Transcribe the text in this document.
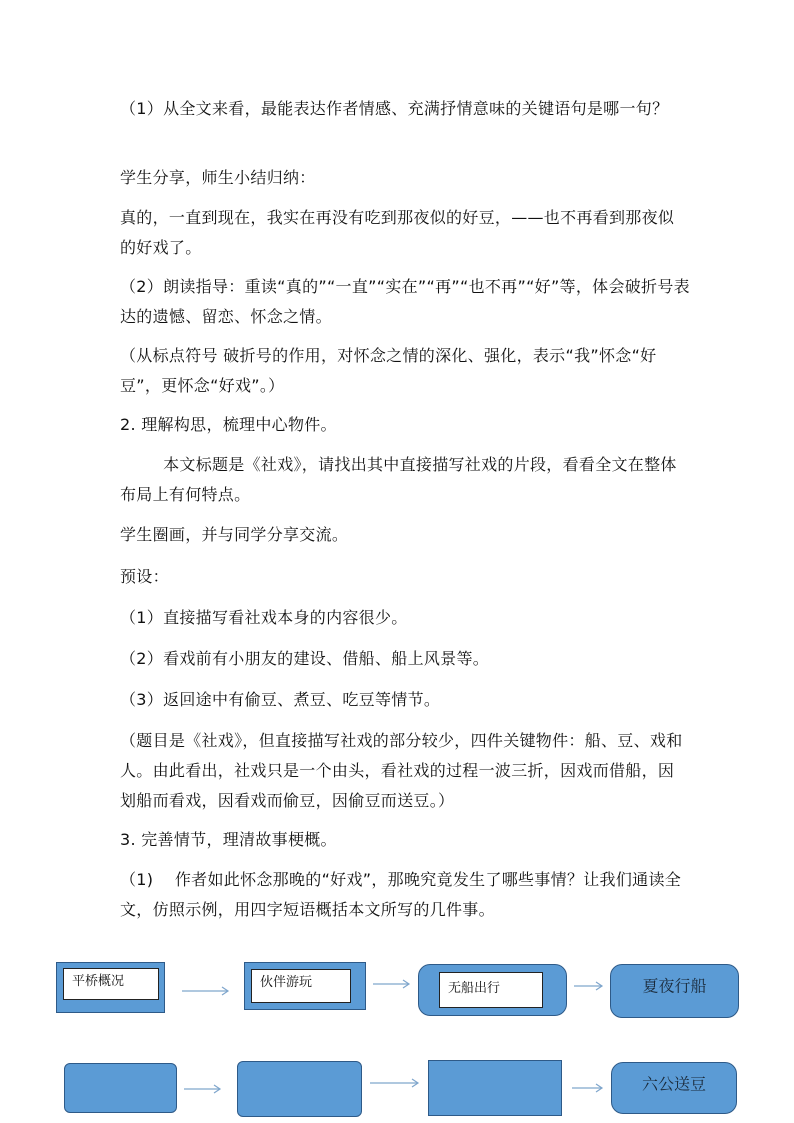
（1）从全文来看，最能表达作者情感、充满抒情意味的关键语句是哪一句？

学生分享，师生小结归纳：

真的，一直到现在，我实在再没有吃到那夜似的好豆，——也不再看到那夜似的好戏了。

（2）朗读指导：重读“真的”“一直”“实在”“再”“也不再”“好”等，体会破折号表达的遗憾、留恋、怀念之情。

（从标点符号 破折号的作用，对怀念之情的深化、强化，表示“我”怀念“好豆”，更怀念“好戏”。）

2. 理解构思，梳理中心物件。

本文标题是《社戏》，请找出其中直接描写社戏的片段，看看全文在整体布局上有何特点。

学生圈画，并与同学分享交流。

预设：

（1）直接描写看社戏本身的内容很少。

（2）看戏前有小朋友的建设、借船、船上风景等。

（3）返回途中有偷豆、煮豆、吃豆等情节。

（题目是《社戏》，但直接描写社戏的部分较少，四件关键物件：船、豆、戏和人。由此看出，社戏只是一个由头，看社戏的过程一波三折，因戏而借船，因划船而看戏，因看戏而偷豆，因偷豆而送豆。）

3. 完善情节，理清故事梗概。

（1)    作者如此怀念那晚的“好戏”，那晚究竟发生了哪些事情？让我们通读全文，仿照示例，用四字短语概括本文所写的几件事。

平桥概况	伙伴游玩	无船出行	夏夜行船
六公送豆
